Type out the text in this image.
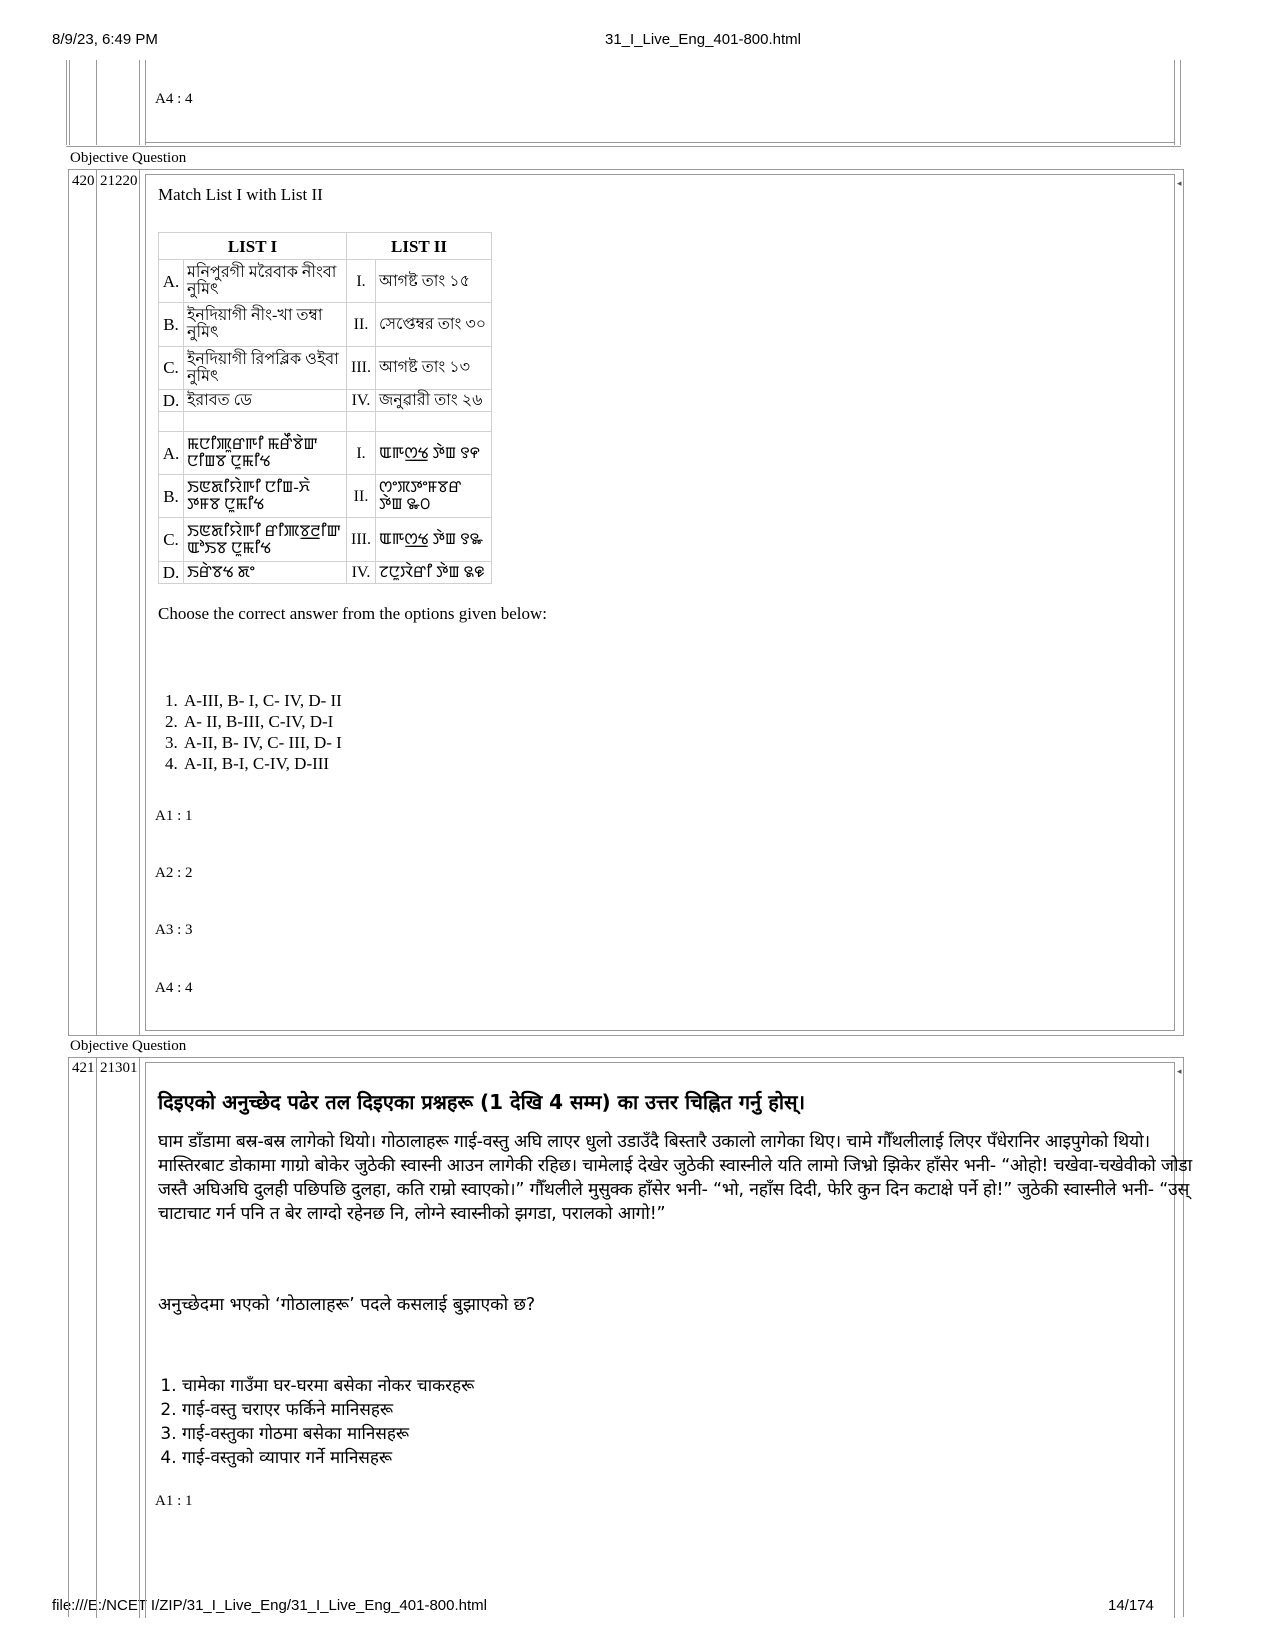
8/9/23, 6:49 PM	31_I_Live_Eng_401-800.html
file:///E:/NCET I/ZIP/31_I_Live_Eng/31_I_Live_Eng_401-800.html	14/174
A4 : 4
Objective Question
◂
420 21220
Match List I with List II
LIST I		LIST II	
A.	মনিপুরগী মরৈবাক নীংবা নুমিৎ	I.	আগষ্ট তাং ১৫
B.	ইনদিয়াগী নীং-খা তম্বা নুমিৎ	II.	সেপ্তেম্বর তাং ৩০
C.	ইনদিয়াগী রিপব্লিক ওইবা নুমিৎ	III.	আগষ্ট তাং ১৩
D.	ইরাবত ডে	IV.	জনুৱারী তাং ২৬

A.	ꯃꯅꯤꯄꯨꯔꯒꯤ ꯃꯔꯩꯕꯥꯛ ꯅꯤꯡꯕ ꯅꯨꯃꯤꯠ	I.	ꯑꯒꯁ꯭ꯠ ꯇꯥꯡ ꯱꯵
B.	ꯏꯟꯗꯤꯌꯥꯒꯤ ꯅꯤꯡ-ꯈꯥ ꯇꯝꯕ ꯅꯨꯃꯤꯠ	II.	ꯁꯦꯞꯇꯦꯝꯕꯔ ꯇꯥꯡ ꯳꯰
C.	ꯏꯟꯗꯤꯌꯥꯒꯤ ꯔꯤꯄꯕ꯭ꯂꯤꯛ ꯑꯣꯏꯕ ꯅꯨꯃꯤꯠ	III.	ꯑꯒꯁ꯭ꯠ ꯇꯥꯡ ꯱꯳
D.	ꯏꯔꯥꯕꯠ ꯗꯦ	IV.	ꯖꯅꯨꯋꯥꯔꯤ ꯇꯥꯡ ꯲꯶
Choose the correct answer from the options given below:
1. A-III, B- I, C- IV, D- II
2. A- II, B-III, C-IV, D-I
3. A-II, B- IV, C- III, D- I
4. A-II, B-I, C-IV, D-III
A1 : 1
A2 : 2
A3 : 3
A4 : 4
Objective Question
◂
421 21301
दिइएको अनुच्छेद पढेर तल दिइएका प्रश्नहरू (1 देखि 4 सम्म) का उत्तर चिह्नित गर्नु होस्।
घाम डाँडामा बस्र-बस्र लागेको थियो। गोठालाहरू गाई-वस्तु अघि लाएर धुलो उडाउँदै बिस्तारै उकालो लागेका थिए। चामे गौँथलीलाई लिएर पँधेरानिर आइपुगेको थियो। मास्तिरबाट डोकामा गाग्रो बोकेर जुठेकी स्वास्नी आउन लागेकी रहिछ। चामेलाई देखेर जुठेकी स्वास्नीले यति लामो जिभ्रो झिकेर हाँसेर भनी- “ओहो! चखेवा-चखेवीको जोडा जस्तै अघिअघि दुलही पछिपछि दुलहा, कति राम्रो स्वाएको।” गौँथलीले मुसुक्क हाँसेर भनी- “भो, नहाँस दिदी, फेरि कुन दिन कटाक्षे पर्ने हो!” जुठेकी स्वास्नीले भनी- “उस् चाटाचाट गर्न पनि त बेर लाग्दो रहेनछ नि, लोग्ने स्वास्नीको झगडा, परालको आगो!”
अनुच्छेदमा भएको ‘गोठालाहरू’ पदले कसलाई बुझाएको छ?
1. चामेका गाउँमा घर-घरमा बसेका नोकर चाकरहरू
2. गाई-वस्तु चराएर फर्किने मानिसहरू
3. गाई-वस्तुका गोठमा बसेका मानिसहरू
4. गाई-वस्तुको व्यापार गर्ने मानिसहरू
A1 : 1
